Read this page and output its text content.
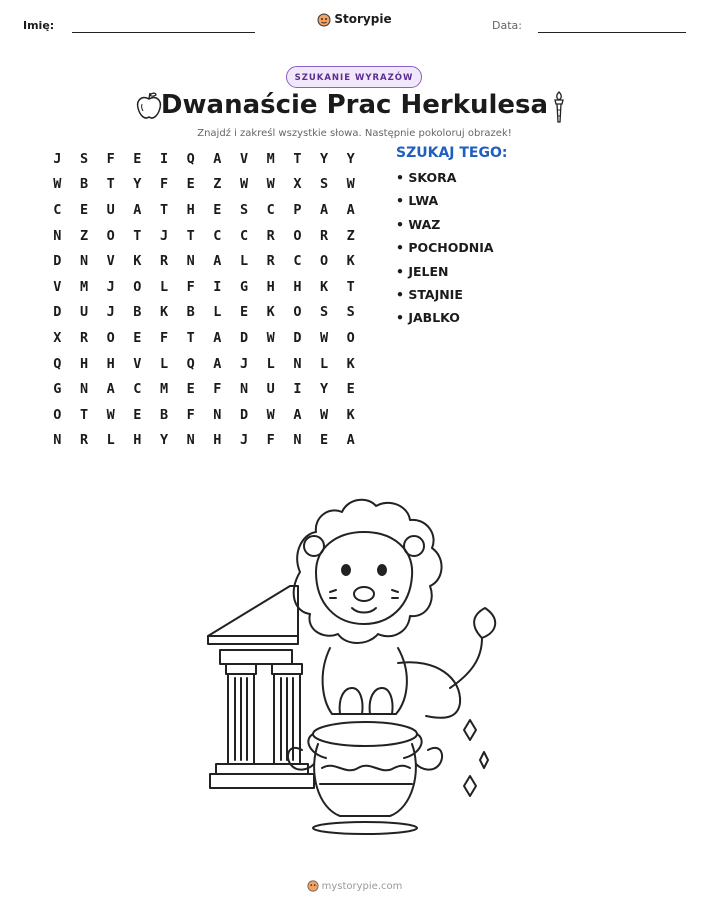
Imię:	Storypie	Data:
SZUKANIE WYRAZÓW
Dwanaście Prac Herkulesa
Znajdź i zakreśl wszystkie słowa. Następnie pokoloruj obrazek!
J	S	F	E	I	Q	A	V	M	T	Y	Y
W	B	T	Y	F	E	Z	W	W	X	S	W
C	E	U	A	T	H	E	S	C	P	A	A
N	Z	O	T	J	T	C	C	R	O	R	Z
D	N	V	K	R	N	A	L	R	C	O	K
V	M	J	O	L	F	I	G	H	H	K	T
D	U	J	B	K	B	L	E	K	O	S	S
X	R	O	E	F	T	A	D	W	D	W	O
Q	H	H	V	L	Q	A	J	L	N	L	K
G	N	A	C	M	E	F	N	U	I	Y	E
O	T	W	E	B	F	N	D	W	A	W	K
N	R	L	H	Y	N	H	J	F	N	E	A
SZUKAJ TEGO:
• SKORA
• LWA
• WAZ
• POCHODNIA
• JELEN
• STAJNIE
• JABLKO
mystorypie.com
